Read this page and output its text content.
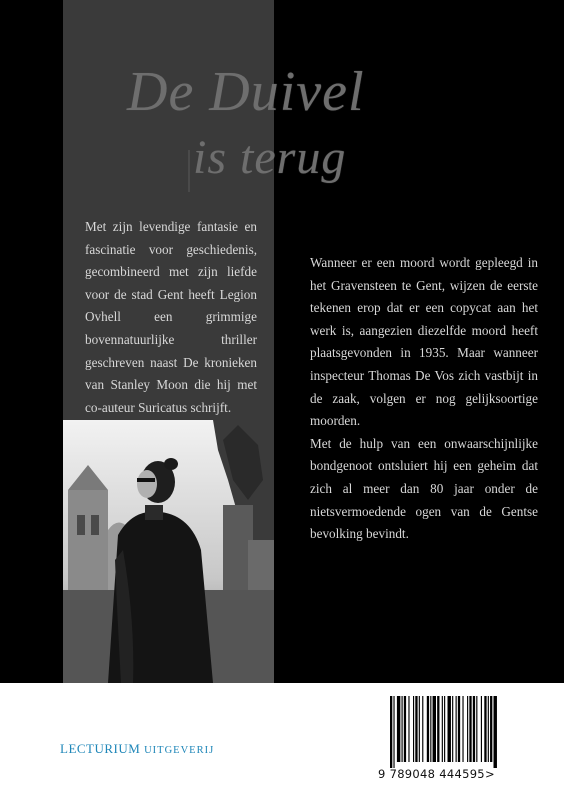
De Duivel
is terug

Met zijn levendige fantasie en fascinatie voor geschiedenis, gecombineerd met zijn liefde voor de stad Gent heeft Legion Ovhell een grimmige bovennatuurlijke thriller geschreven naast De kronieken van Stanley Moon die hij met co-auteur Suricatus schrijft.

Wanneer er een moord wordt gepleegd in het Gravensteen te Gent, wijzen de eerste tekenen erop dat er een copycat aan het werk is, aangezien diezelfde moord heeft plaatsgevonden in 1935. Maar wanneer inspecteur Thomas De Vos zich vastbijt in de zaak, volgen er nog gelijksoortige moorden.

Met de hulp van een onwaarschijnlijke bondgenoot ontsluiert hij een geheim dat zich al meer dan 80 jaar onder de nietsvermoedende ogen van de Gentse bevolking bevindt.

LECTURIUM UITGEVERIJ
9 789048 444595>
